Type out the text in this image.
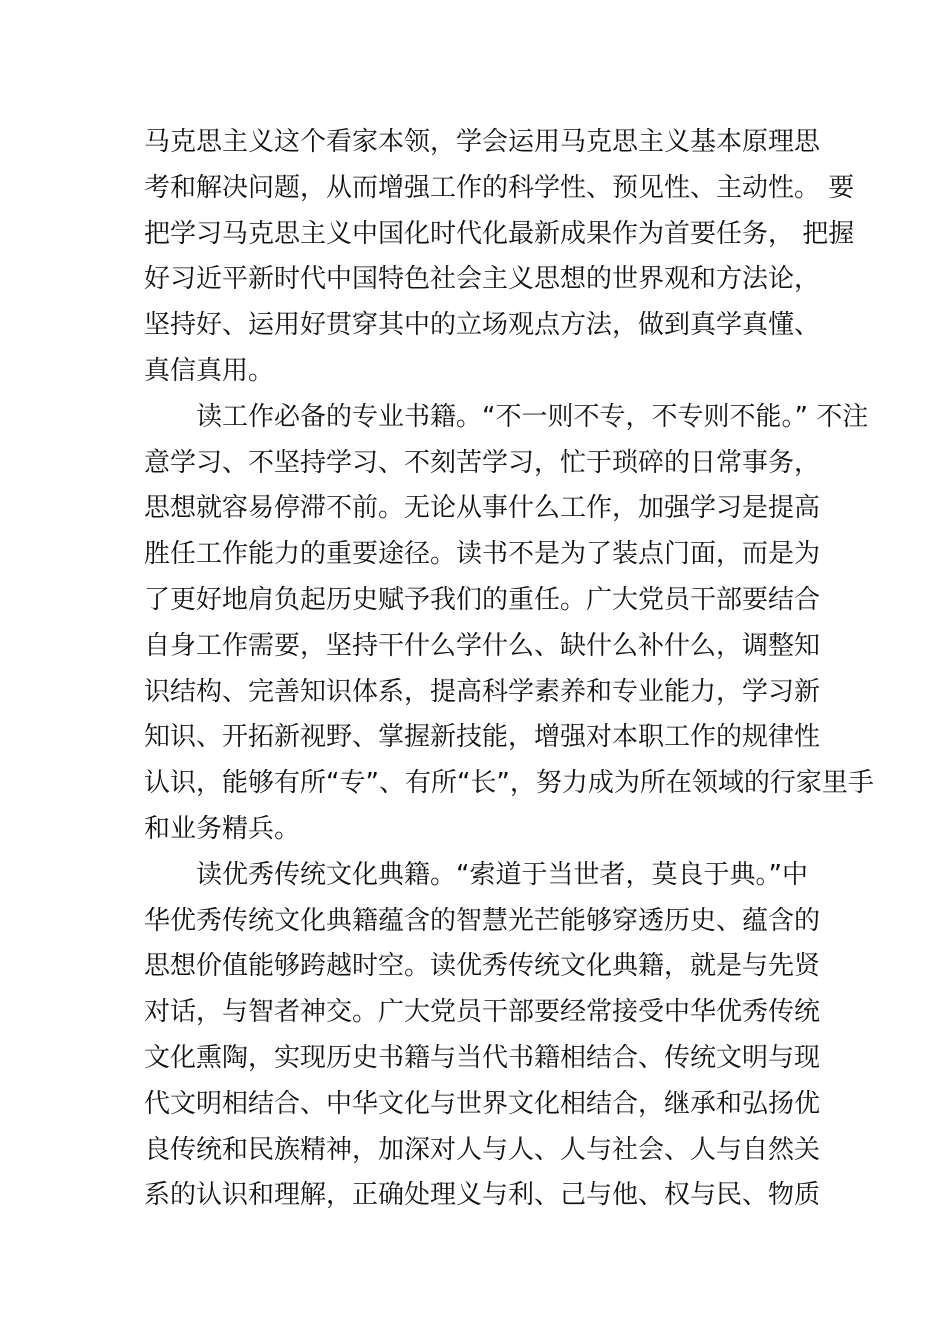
马克思主义这个看家本领，学会运用马克思主义基本原理思
考和解决问题，从而增强工作的科学性、预见性、主动性。 要
把学习马克思主义中国化时代化最新成果作为首要任务， 把握
好习近平新时代中国特色社会主义思想的世界观和方法论，
坚持好、运用好贯穿其中的立场观点方法，做到真学真懂、
真信真用。
读工作必备的专业书籍。“不一则不专，不专则不能。” 不注
意学习、不坚持学习、不刻苦学习，忙于琐碎的日常事务，
思想就容易停滞不前。无论从事什么工作，加强学习是提高
胜任工作能力的重要途径。读书不是为了装点门面，而是为
了更好地肩负起历史赋予我们的重任。广大党员干部要结合
自身工作需要，坚持干什么学什么、缺什么补什么，调整知
识结构、完善知识体系，提高科学素养和专业能力，学习新
知识、开拓新视野、掌握新技能，增强对本职工作的规律性
认识，能够有所“专”、有所“长”，努力成为所在领域的行家里手
和业务精兵。
读优秀传统文化典籍。“索道于当世者，莫良于典。”中
华优秀传统文化典籍蕴含的智慧光芒能够穿透历史、蕴含的
思想价值能够跨越时空。读优秀传统文化典籍，就是与先贤
对话，与智者神交。广大党员干部要经常接受中华优秀传统
文化熏陶，实现历史书籍与当代书籍相结合、传统文明与现
代文明相结合、中华文化与世界文化相结合，继承和弘扬优
良传统和民族精神，加深对人与人、人与社会、人与自然关
系的认识和理解，正确处理义与利、己与他、权与民、物质
